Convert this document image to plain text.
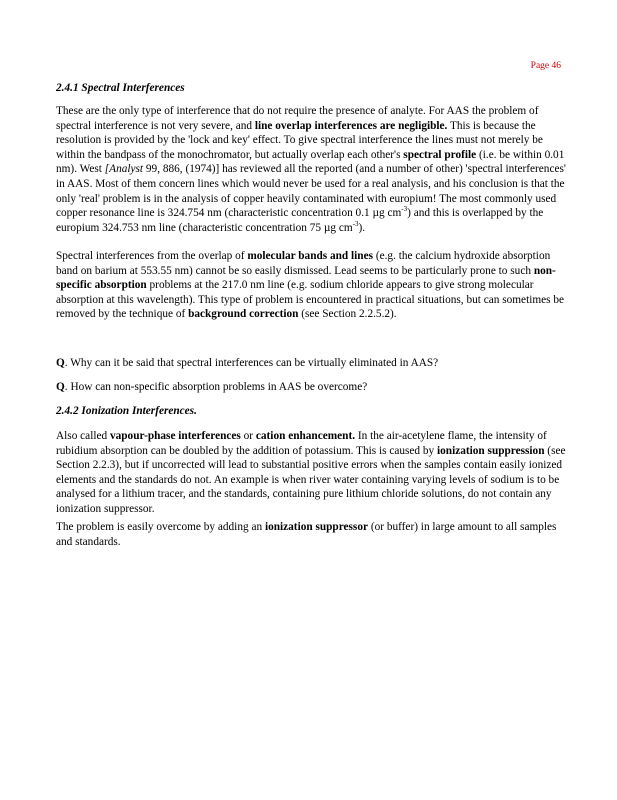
Page 46
2.4.1 Spectral Interferences

These are the only type of interference that do not require the presence of analyte. For AAS the problem of spectral interference is not very severe, and line overlap interferences are negligible. This is because the resolution is provided by the 'lock and key' effect. To give spectral interference the lines must not merely be within the bandpass of the monochromator, but actually overlap each other's spectral profile (i.e. be within 0.01 nm). West [Analyst 99, 886, (1974)] has reviewed all the reported (and a number of other) 'spectral interferences' in AAS. Most of them concern lines which would never be used for a real analysis, and his conclusion is that the only 'real' problem is in the analysis of copper heavily contaminated with europium! The most commonly used copper resonance line is 324.754 nm (characteristic concentration 0.1 µg $cm^{-3}$) and this is overlapped by the europium 324.753 nm line (characteristic concentration 75 µg $cm^{-3}$).

Spectral interferences from the overlap of molecular bands and lines (e.g. the calcium hydroxide absorption band on barium at 553.55 nm) cannot be so easily dismissed. Lead seems to be particularly prone to such non-specific absorption problems at the 217.0 nm line (e.g. sodium chloride appears to give strong molecular absorption at this wavelength). This type of problem is encountered in practical situations, but can sometimes be removed by the technique of background correction (see Section 2.2.5.2).

Q. Why can it be said that spectral interferences can be virtually eliminated in AAS?

Q. How can non-specific absorption problems in AAS be overcome?

2.4.2 Ionization Interferences.

Also called vapour-phase interferences or cation enhancement. In the air-acetylene flame, the intensity of rubidium absorption can be doubled by the addition of potassium. This is caused by ionization suppression (see Section 2.2.3), but if uncorrected will lead to substantial positive errors when the samples contain easily ionized elements and the standards do not. An example is when river water containing varying levels of sodium is to be analysed for a lithium tracer, and the standards, containing pure lithium chloride solutions, do not contain any ionization suppressor.

The problem is easily overcome by adding an ionization suppressor (or buffer) in large amount to all samples and standards.
